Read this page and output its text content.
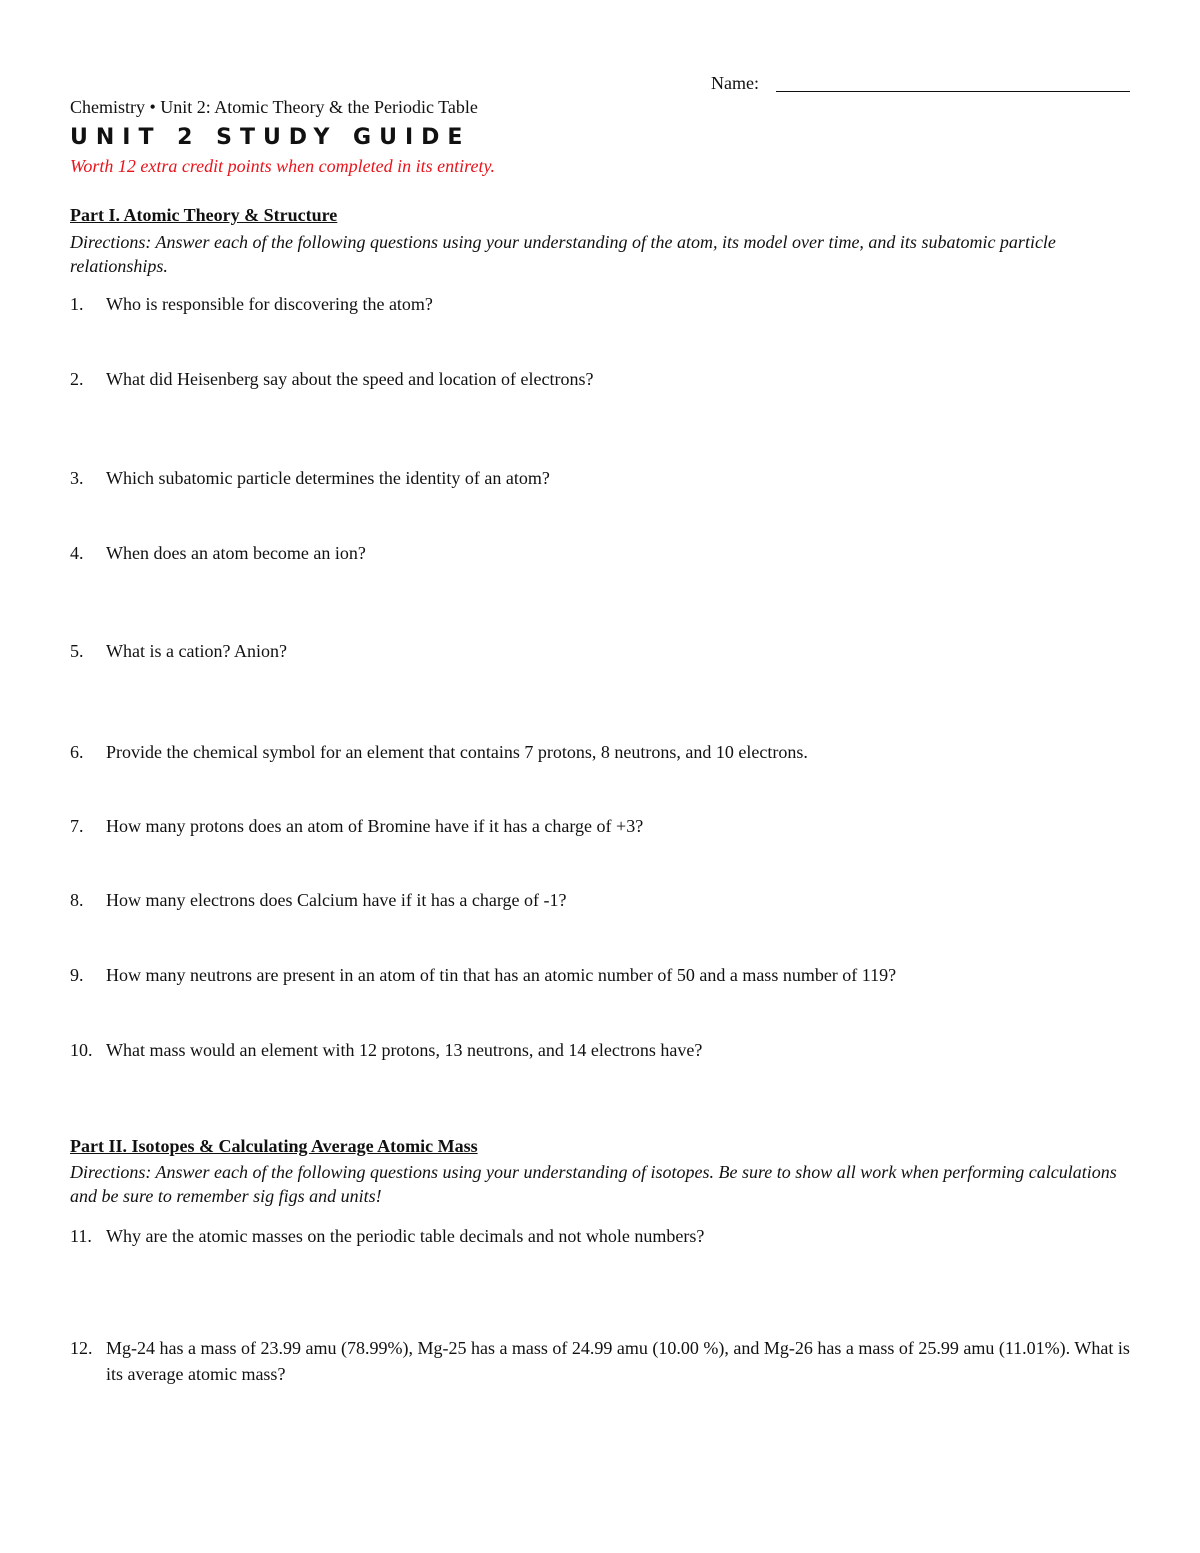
Name:
Chemistry • Unit 2: Atomic Theory & the Periodic Table
UNIT 2 STUDY GUIDE
Worth 12 extra credit points when completed in its entirety.
Part I. Atomic Theory & Structure
Directions: Answer each of the following questions using your understanding of the atom, its model over time, and its subatomic particle relationships.
1. Who is responsible for discovering the atom?
2. What did Heisenberg say about the speed and location of electrons?
3. Which subatomic particle determines the identity of an atom?
4. When does an atom become an ion?
5. What is a cation? Anion?
6. Provide the chemical symbol for an element that contains 7 protons, 8 neutrons, and 10 electrons.
7. How many protons does an atom of Bromine have if it has a charge of +3?
8. How many electrons does Calcium have if it has a charge of -1?
9. How many neutrons are present in an atom of tin that has an atomic number of 50 and a mass number of 119?
10. What mass would an element with 12 protons, 13 neutrons, and 14 electrons have?
Part II. Isotopes & Calculating Average Atomic Mass
Directions: Answer each of the following questions using your understanding of isotopes. Be sure to show all work when performing calculations and be sure to remember sig figs and units!
11. Why are the atomic masses on the periodic table decimals and not whole numbers?
12. Mg-24 has a mass of 23.99 amu (78.99%), Mg-25 has a mass of 24.99 amu (10.00 %), and Mg-26 has a mass of 25.99 amu (11.01%). What is its average atomic mass?
